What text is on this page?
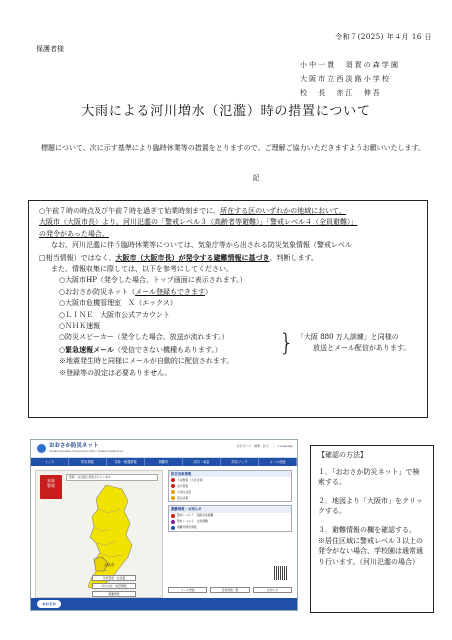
令和７(2025) 年４月 16 日
保護者様
小中一貫　須賀の森学園
大阪市立西淡路小学校
校　長　赤江　伸吾
大雨による河川増水（氾濫）時の措置について
標題について、次に示す基準により臨時休業等の措置をとりますので、ご理解ご協力いただきますようお願いいたします。
記

○午前７時の時点及び午前７時を過ぎて始業時刻までに、所在する区のいずれかの地域において、

大阪市（大阪市長）より、河川氾濫の「警戒レベル３（高齢者等避難）」「警戒レベル４（全員避難）」

の発令があった場合。

なお、河川氾濫に伴う臨時休業等については、気象庁等から出される防災気象情報（警戒レベル

□相当情報）ではなく、大阪市（大阪市長）が発令する避難情報に基づき、判断します。

また、情報収集に際しては、以下を参考にしてください。

○大阪市HP（発令した場合、トップ画面に表示されます。）

○おおさか防災ネット（メール登録もできます）

○大阪市危機管理室　Ｘ（エックス）

○ＬＩＮＥ　大阪市公式アカウント

○ＮＨＫ速報

○防災スピーカー（発令した場合、放送が流れます。）

○緊急速報メール（受信できない機種もあります。）	} 「大阪 880 万人訓練」と同様の
放送とメール配信があります。

※地震発生時と同様にメールが自動的に配信されます。

※登録等の設定は必要ありません。

おおさか防災ネット
Osaka Disaster Prevention Net / Osaka Prefecture
文字サイズ　標準　拡大　｜　Language
トップ	防災情報	気象・地震情報	避難所	河川・雨量	防災マップ	メール登録
気象
警報
警報・注意報が発表されています
大阪市
気象警報・注意報
河川水位・雨量情報
避難情報
防災気象情報
大雨警報（土砂災害）
洪水警報
大雨注意報
雷注意報
避難情報・お知らせ
警戒レベル３　高齢者等避難
警戒レベル４　全員避難
避難所開設情報
メール登録	災害情報一覧	お知らせ
おおさか
【確認の方法】
１．「おおさか防災ネット」で検索する。
２．地図より「大阪市」をクリックする。
３．避難情報の欄を確認する。
※居住区域に警戒レベル３以上の発令がない場合、学校園は通常通り行います。（河川氾濫の場合）
